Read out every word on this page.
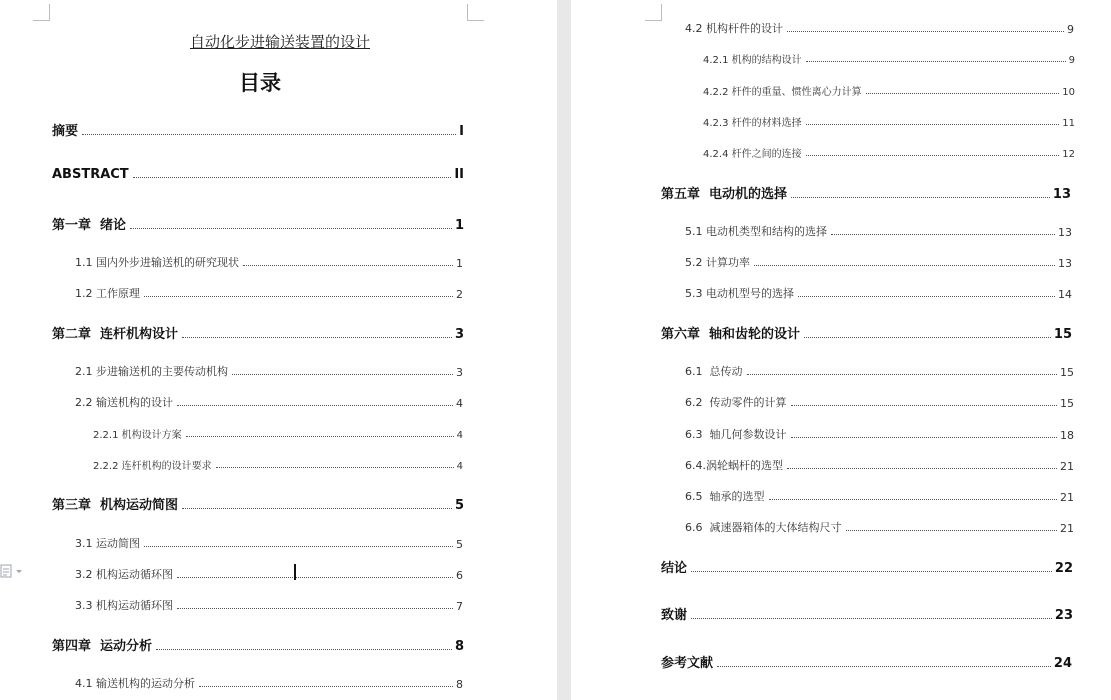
自动化步进输送装置的设计
目录
摘要	I
ABSTRACT	II
第一章  绪论	1
1.1 国内外步进输送机的研究现状	1
1.2 工作原理	2
第二章  连杆机构设计	3
2.1 步进输送机的主要传动机构	3
2.2 输送机构的设计	4
2.2.1 机构设计方案	4
2.2.2 连杆机构的设计要求	4
第三章  机构运动简图	5
3.1 运动简图	5
3.2 机构运动循环图	6
3.3 机构运动循环图	7
第四章  运动分析	8
4.1 输送机构的运动分析	8
4.2 机构杆件的设计	9
4.2.1 机构的结构设计	9
4.2.2 杆件的重量、惯性离心力计算	10
4.2.3 杆件的材料选择	11
4.2.4 杆件之间的连接	12
第五章  电动机的选择	13
5.1 电动机类型和结构的选择	13
5.2 计算功率	13
5.3 电动机型号的选择	14
第六章  轴和齿轮的设计	15
6.1  总传动	15
6.2  传动零件的计算	15
6.3  轴几何参数设计	18
6.4.涡轮蜗杆的选型	21
6.5  轴承的选型	21
6.6  减速器箱体的大体结构尺寸	21
结论	22
致谢	23
参考文献	24
